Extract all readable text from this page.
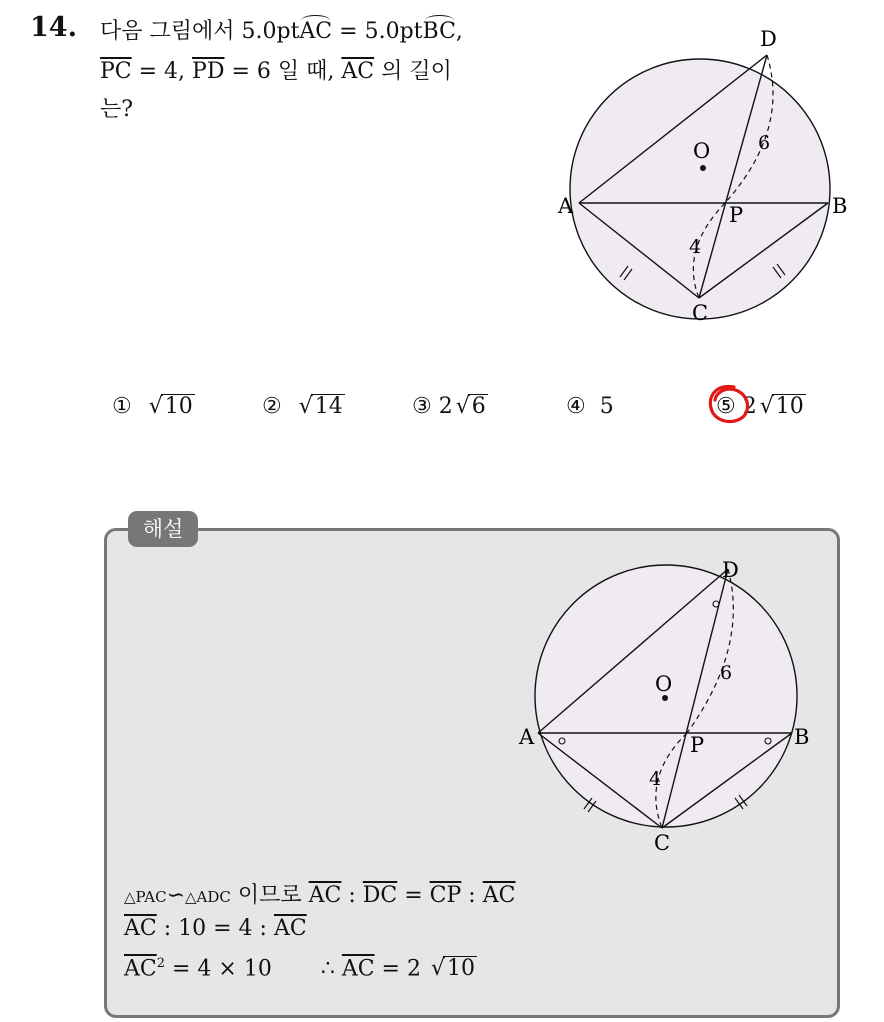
14. 다음 그림에서 5.0ptAC = 5.0ptBC,
$\overline{PC} = 4$, $\overline{PD} = 6$ 일 때, $\overline{AC}$ 의 길이
는?
D
O	6
A	P	B
4
C
① √ 10	② √ 14	③ 2 √ 6	④ 5	⑤ 2 √ 10
해설
D
O	6
A	P	B
4
C
△PAC∽△ADC 이므로 $\overline{AC}$ : $\overline{DC} = \overline{CP}$ : $\overline{AC}$
$\overline{AC}$ : 10 = 4 : $\overline{AC}$
$\overline{AC}^2 = 4 \times 10$ ∴ $\overline{AC} = 2$ √ 10
